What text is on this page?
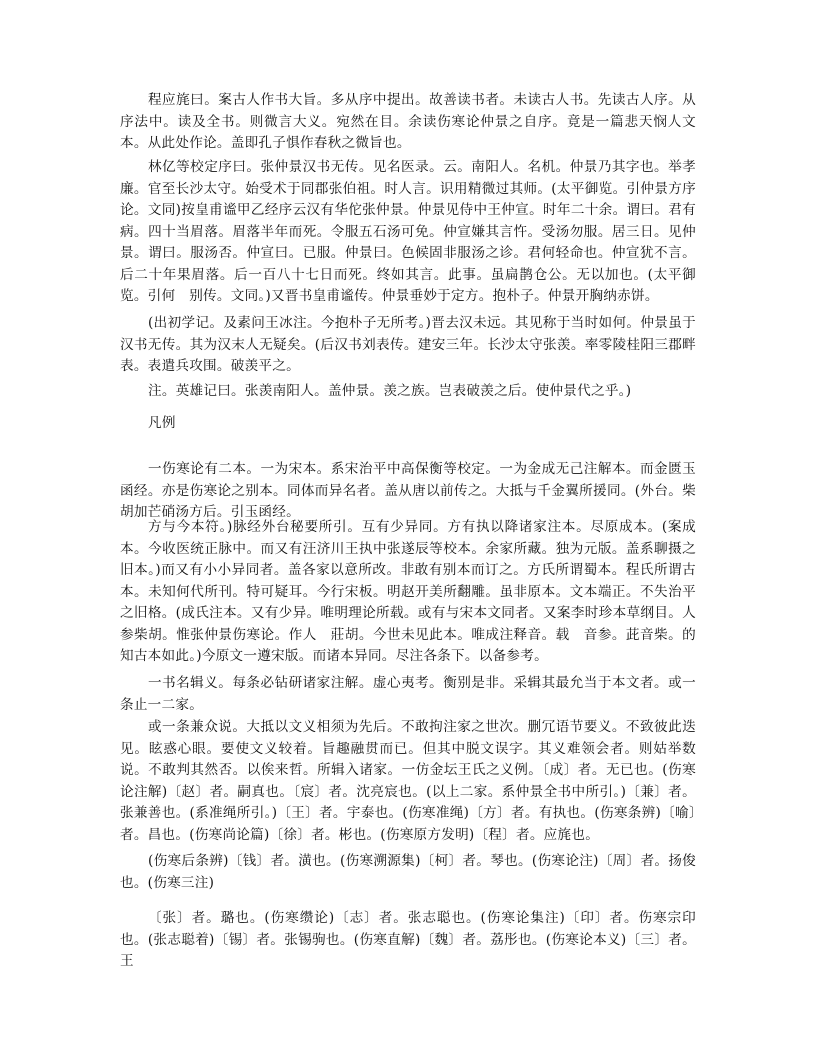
程应旄曰。案古人作书大旨。多从序中提出。故善读书者。未读古人书。先读古人序。从序法中。读及全书。则微言大义。宛然在目。余读伤寒论仲景之自序。竟是一篇悲天悯人文本。从此处作论。盖即孔子惧作春秋之微旨也。

林亿等校定序曰。张仲景汉书无传。见名医录。云。南阳人。名机。仲景乃其字也。举孝廉。官至长沙太守。始受术于同郡张伯祖。时人言。识用精微过其师。(太平御览。引仲景方序论。文同)按皇甫谧甲乙经序云汉有华佗张仲景。仲景见侍中王仲宣。时年二十余。谓曰。君有病。四十当眉落。眉落半年而死。令服五石汤可免。仲宣嫌其言忤。受汤勿服。居三日。见仲景。谓曰。服汤否。仲宣曰。已服。仲景曰。色候固非服汤之诊。君何轻命也。仲宣犹不言。后二十年果眉落。后一百八十七日而死。终如其言。此事。虽扁鹊仓公。无以加也。(太平御览。引何　别传。文同。)又晋书皇甫谧传。仲景垂妙于定方。抱朴子。仲景开胸纳赤饼。

(出初学记。及素问王冰注。今抱朴子无所考。)晋去汉未远。其见称于当时如何。仲景虽于汉书无传。其为汉末人无疑矣。(后汉书刘表传。建安三年。长沙太守张羡。率零陵桂阳三郡畔表。表遣兵攻围。破羡平之。

注。英雄记曰。张羡南阳人。盖仲景。羡之族。岂表破羡之后。使仲景代之乎。)

凡例

一伤寒论有二本。一为宋本。系宋治平中高保衡等校定。一为金成无己注解本。而金匮玉函经。亦是伤寒论之别本。同体而异名者。盖从唐以前传之。大抵与千金翼所援同。(外台。柴胡加芒硝汤方后。引玉函经。

方与今本符。)脉经外台秘要所引。互有少异同。方有执以降诸家注本。尽原成本。(案成本。今收医统正脉中。而又有汪济川王执中张遂辰等校本。余家所藏。独为元版。盖系聊摄之旧本。)而又有小小异同者。盖各家以意所改。非敢有别本而订之。方氏所谓蜀本。程氏所谓古本。未知何代所刊。特可疑耳。今行宋板。明赵开美所翻雕。虽非原本。文本端正。不失治平之旧格。(成氏注本。又有少异。唯明理论所载。或有与宋本文同者。又案李时珍本草纲目。人参柴胡。惟张仲景伤寒论。作人　莊胡。今世未见此本。唯成注释音。载　音参。茈音柴。的知古本如此。)今原文一遵宋版。而诸本异同。尽注各条下。以备参考。

一书名辑义。每条必钻研诸家注解。虚心夷考。衡别是非。采辑其最允当于本文者。或一条止一二家。

或一条兼众说。大抵以文义相须为先后。不敢拘注家之世次。删冗语节要义。不致彼此迭见。眩惑心眼。要使文义较着。旨趣融贯而已。但其中脱文误字。其义难领会者。则姑举数说。不敢判其然否。以俟来哲。所辑入诸家。一仿金坛王氏之义例。〔成〕者。无已也。(伤寒论注解)〔赵〕者。嗣真也。〔宸〕者。沈亮宸也。(以上二家。系仲景全书中所引。)〔兼〕者。张兼善也。(系准绳所引。)〔王〕者。宇泰也。(伤寒准绳)〔方〕者。有执也。(伤寒条辨)〔喻〕者。昌也。(伤寒尚论篇)〔徐〕者。彬也。(伤寒原方发明)〔程〕者。应旄也。

(伤寒后条辨)〔钱〕者。潢也。(伤寒溯源集)〔柯〕者。琴也。(伤寒论注)〔周〕者。扬俊也。(伤寒三注)

〔张〕者。璐也。(伤寒缵论)〔志〕者。张志聪也。(伤寒论集注)〔印〕者。伤寒宗印也。(张志聪着)〔锡〕者。张锡驹也。(伤寒直解)〔魏〕者。荔彤也。(伤寒论本义)〔三〕者。王
